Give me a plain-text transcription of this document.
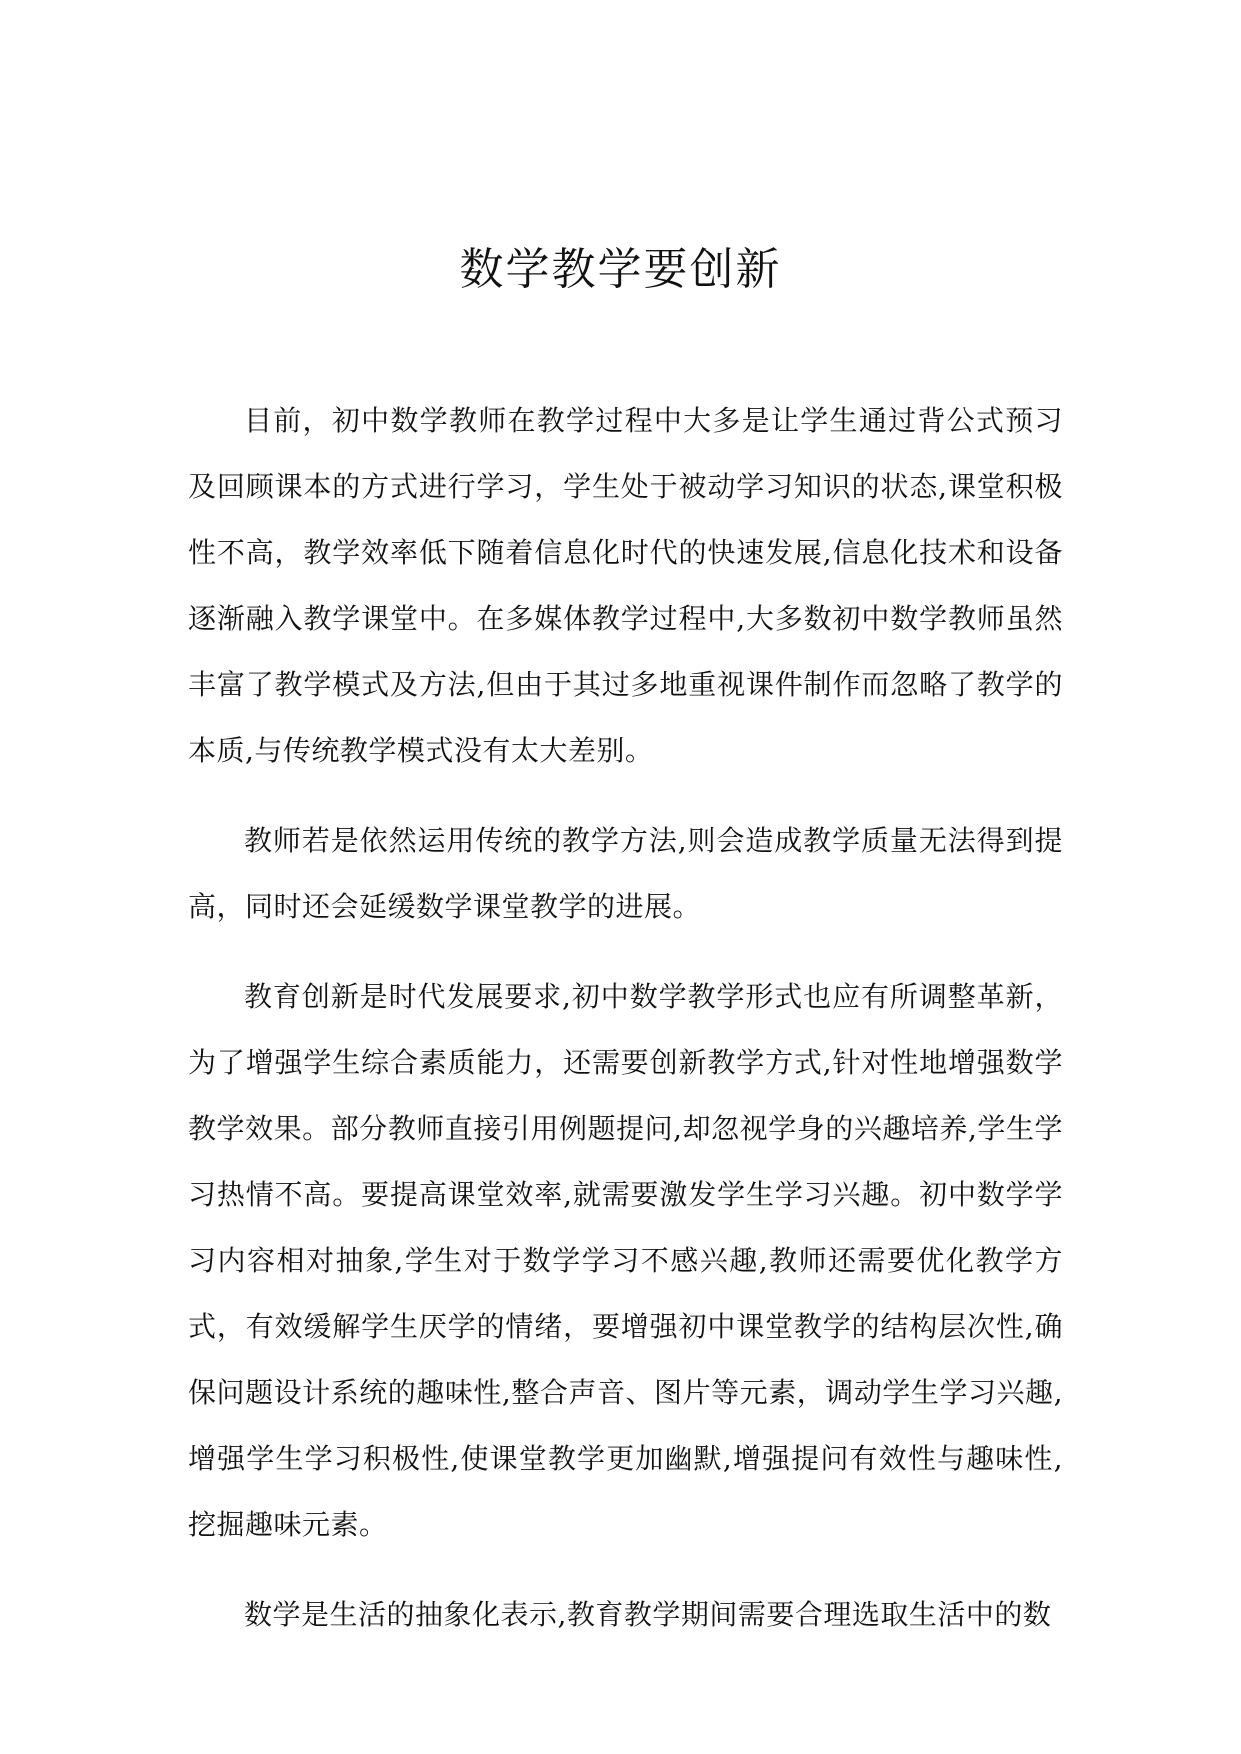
数学教学要创新

目前，初中数学教师在教学过程中大多是让学生通过背公式预习及回顾课本的方式进行学习，学生处于被动学习知识的状态,课堂积极性不高，教学效率低下随着信息化时代的快速发展,信息化技术和设备逐渐融入教学课堂中。在多媒体教学过程中,大多数初中数学教师虽然丰富了教学模式及方法,但由于其过多地重视课件制作而忽略了教学的本质,与传统教学模式没有太大差别。

教师若是依然运用传统的教学方法,则会造成教学质量无法得到提高，同时还会延缓数学课堂教学的进展。

教育创新是时代发展要求,初中数学教学形式也应有所调整革新，为了增强学生综合素质能力，还需要创新教学方式,针对性地增强数学教学效果。部分教师直接引用例题提问,却忽视学身的兴趣培养,学生学习热情不高。要提高课堂效率,就需要激发学生学习兴趣。初中数学学习内容相对抽象,学生对于数学学习不感兴趣,教师还需要优化教学方式，有效缓解学生厌学的情绪，要增强初中课堂教学的结构层次性,确保问题设计系统的趣味性,整合声音、图片等元素，调动学生学习兴趣,增强学生学习积极性,使课堂教学更加幽默,增强提问有效性与趣味性,挖掘趣味元素。

数学是生活的抽象化表示,教育教学期间需要合理选取生活中的数
